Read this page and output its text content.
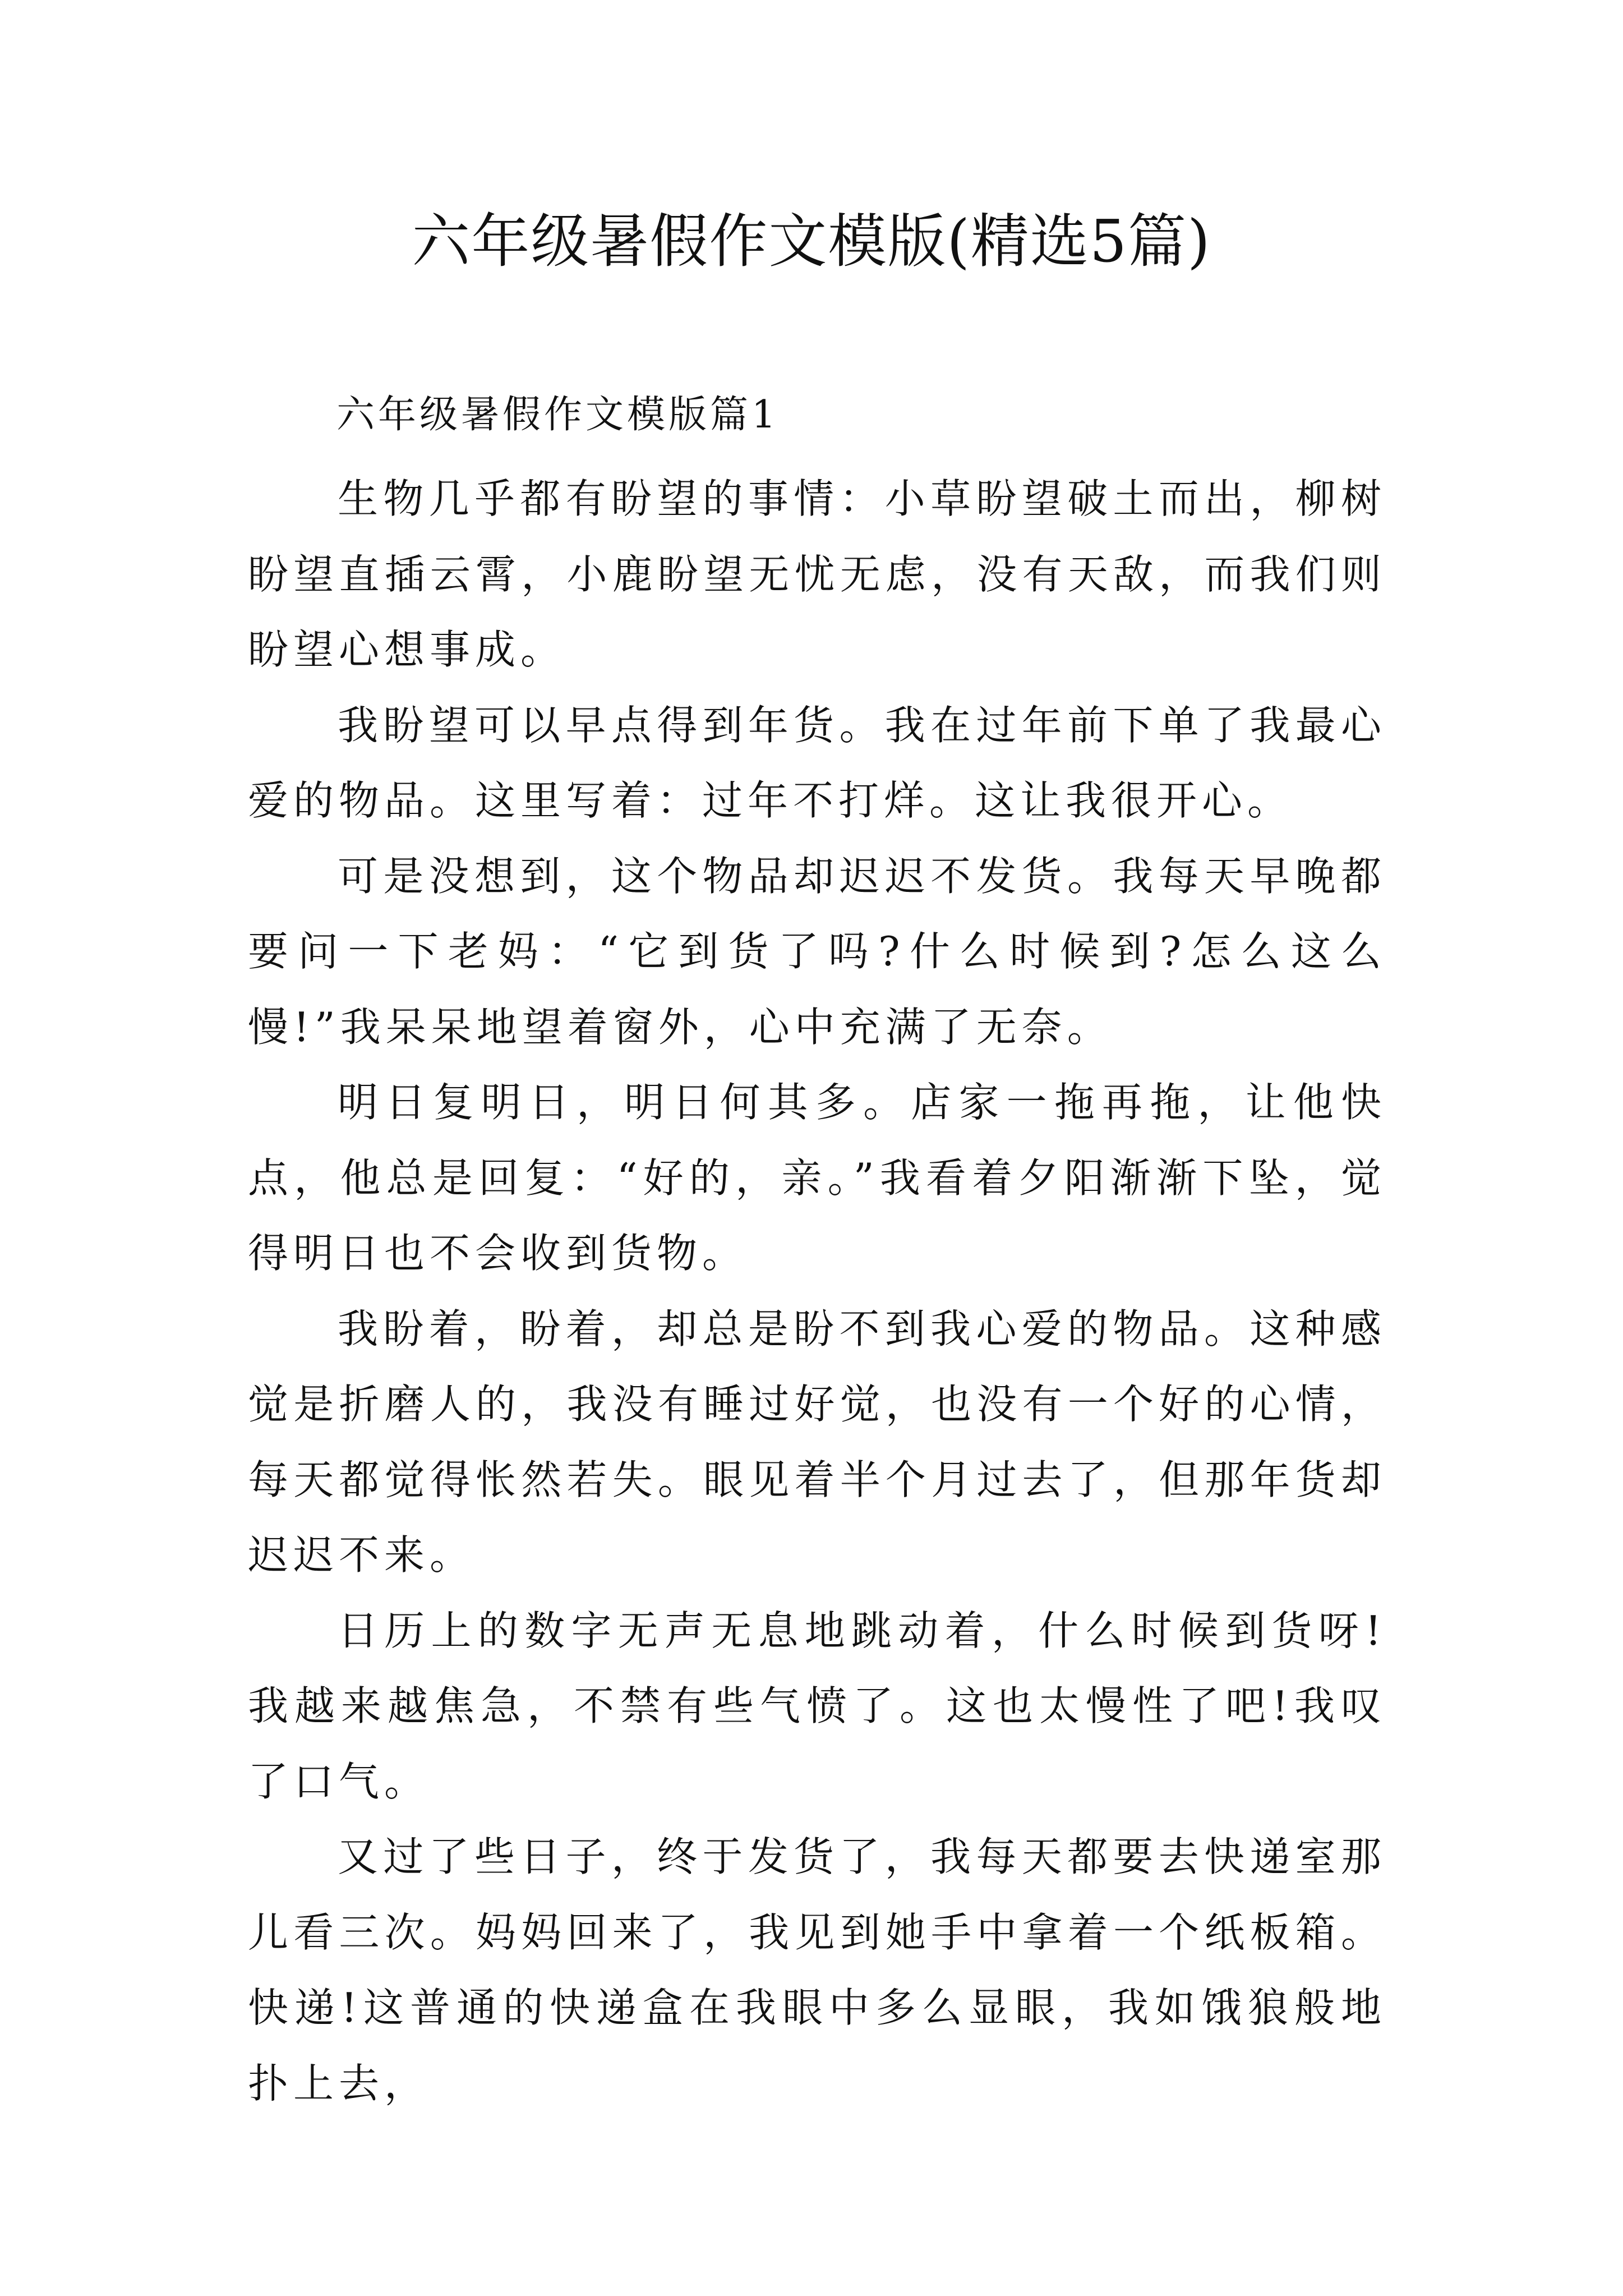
六年级暑假作文模版(精选5篇)
六年级暑假作文模版篇1

生物几乎都有盼望的事情：小草盼望破土而出，柳树盼望直插云霄，小鹿盼望无忧无虑，没有天敌，而我们则盼望心想事成。

我盼望可以早点得到年货。我在过年前下单了我最心爱的物品。这里写着：过年不打烊。这让我很开心。

可是没想到，这个物品却迟迟不发货。我每天早晚都要问一下老妈：“它到货了吗?什么时候到?怎么这么慢!”我呆呆地望着窗外，心中充满了无奈。

明日复明日，明日何其多。店家一拖再拖，让他快点，他总是回复：“好的，亲。”我看着夕阳渐渐下坠，觉得明日也不会收到货物。

我盼着，盼着，却总是盼不到我心爱的物品。这种感觉是折磨人的，我没有睡过好觉，也没有一个好的心情，每天都觉得怅然若失。眼见着半个月过去了，但那年货却迟迟不来。

日历上的数字无声无息地跳动着，什么时候到货呀!我越来越焦急，不禁有些气愤了。这也太慢性了吧!我叹了口气。

又过了些日子，终于发货了，我每天都要去快递室那儿看三次。妈妈回来了，我见到她手中拿着一个纸板箱。快递!这普通的快递盒在我眼中多么显眼，我如饿狼般地扑上去，
